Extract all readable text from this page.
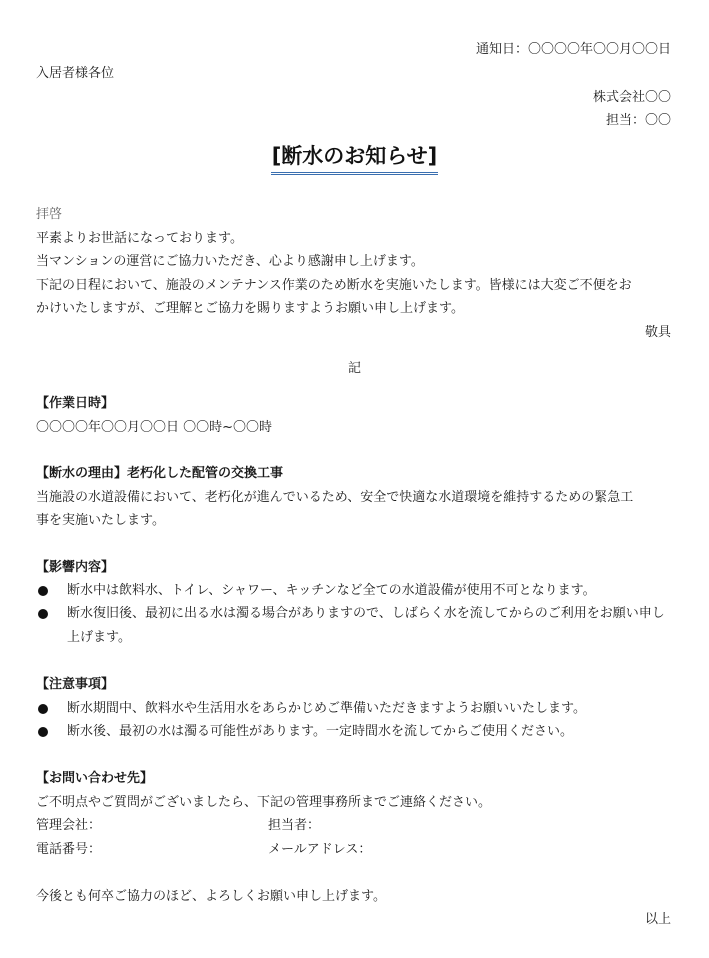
通知日：〇〇〇〇年〇〇月〇〇日
入居者様各位
株式会社〇〇
担当：〇〇
[断水のお知らせ]
拝啓
平素よりお世話になっております。
当マンションの運営にご協力いただき、心より感謝申し上げます。
下記の日程において、施設のメンテナンス作業のため断水を実施いたします。皆様には大変ご不便をお
かけいたしますが、ご理解とご協力を賜りますようお願い申し上げます。
敬具
記
【作業日時】
〇〇〇〇年〇〇月〇〇日 〇〇時~〇〇時
【断水の理由】老朽化した配管の交換工事
当施設の水道設備において、老朽化が進んでいるため、安全で快適な水道環境を維持するための緊急工
事を実施いたします。
【影響内容】
断水中は飲料水、トイレ、シャワー、キッチンなど全ての水道設備が使用不可となります。
断水復旧後、最初に出る水は濁る場合がありますので、しばらく水を流してからのご利用をお願い申し上げます。
【注意事項】
断水期間中、飲料水や生活用水をあらかじめご準備いただきますようお願いいたします。
断水後、最初の水は濁る可能性があります。一定時間水を流してからご使用ください。
【お問い合わせ先】
ご不明点やご質問がございましたら、下記の管理事務所までご連絡ください。
管理会社：	担当者：
電話番号：	メールアドレス：
今後とも何卒ご協力のほど、よろしくお願い申し上げます。
以上
